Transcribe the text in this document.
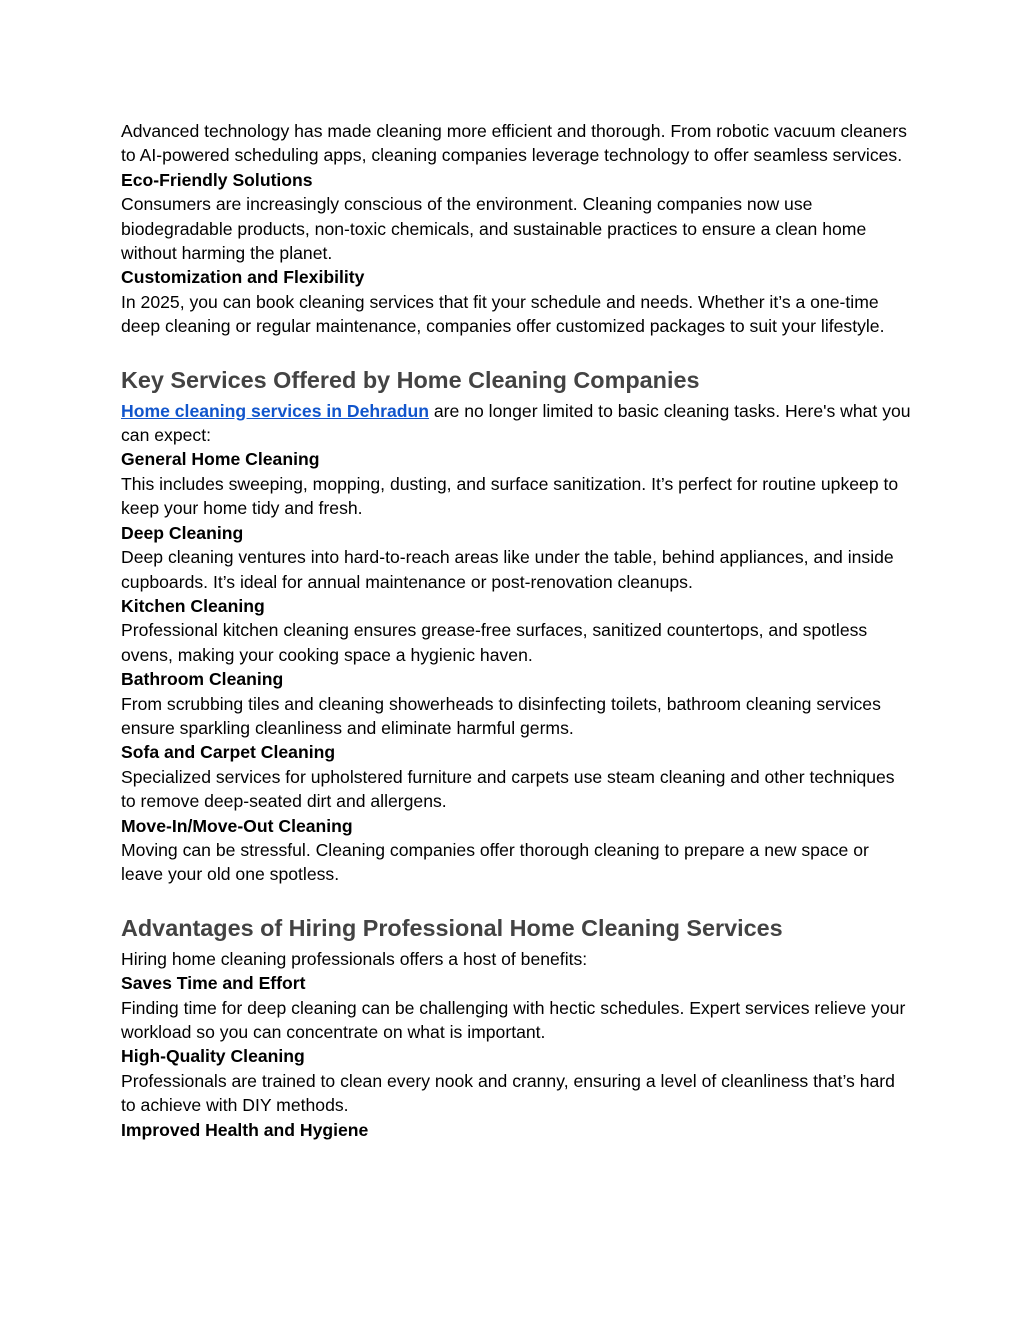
Advanced technology has made cleaning more efficient and thorough. From robotic vacuum cleaners to AI-powered scheduling apps, cleaning companies leverage technology to offer seamless services.

Eco-Friendly Solutions

Consumers are increasingly conscious of the environment. Cleaning companies now use biodegradable products, non-toxic chemicals, and sustainable practices to ensure a clean home without harming the planet.

Customization and Flexibility

In 2025, you can book cleaning services that fit your schedule and needs. Whether it’s a one-time deep cleaning or regular maintenance, companies offer customized packages to suit your lifestyle.

Key Services Offered by Home Cleaning Companies

Home cleaning services in Dehradun are no longer limited to basic cleaning tasks. Here's what you can expect:

General Home Cleaning

This includes sweeping, mopping, dusting, and surface sanitization. It’s perfect for routine upkeep to keep your home tidy and fresh.

Deep Cleaning

Deep cleaning ventures into hard-to-reach areas like under the table, behind appliances, and inside cupboards. It’s ideal for annual maintenance or post-renovation cleanups.

Kitchen Cleaning

Professional kitchen cleaning ensures grease-free surfaces, sanitized countertops, and spotless ovens, making your cooking space a hygienic haven.

Bathroom Cleaning

From scrubbing tiles and cleaning showerheads to disinfecting toilets, bathroom cleaning services ensure sparkling cleanliness and eliminate harmful germs.

Sofa and Carpet Cleaning

Specialized services for upholstered furniture and carpets use steam cleaning and other techniques to remove deep-seated dirt and allergens.

Move-In/Move-Out Cleaning

Moving can be stressful. Cleaning companies offer thorough cleaning to prepare a new space or leave your old one spotless.

Advantages of Hiring Professional Home Cleaning Services

Hiring home cleaning professionals offers a host of benefits:

Saves Time and Effort

Finding time for deep cleaning can be challenging with hectic schedules. Expert services relieve your workload so you can concentrate on what is important.

High-Quality Cleaning

Professionals are trained to clean every nook and cranny, ensuring a level of cleanliness that’s hard to achieve with DIY methods.

Improved Health and Hygiene
